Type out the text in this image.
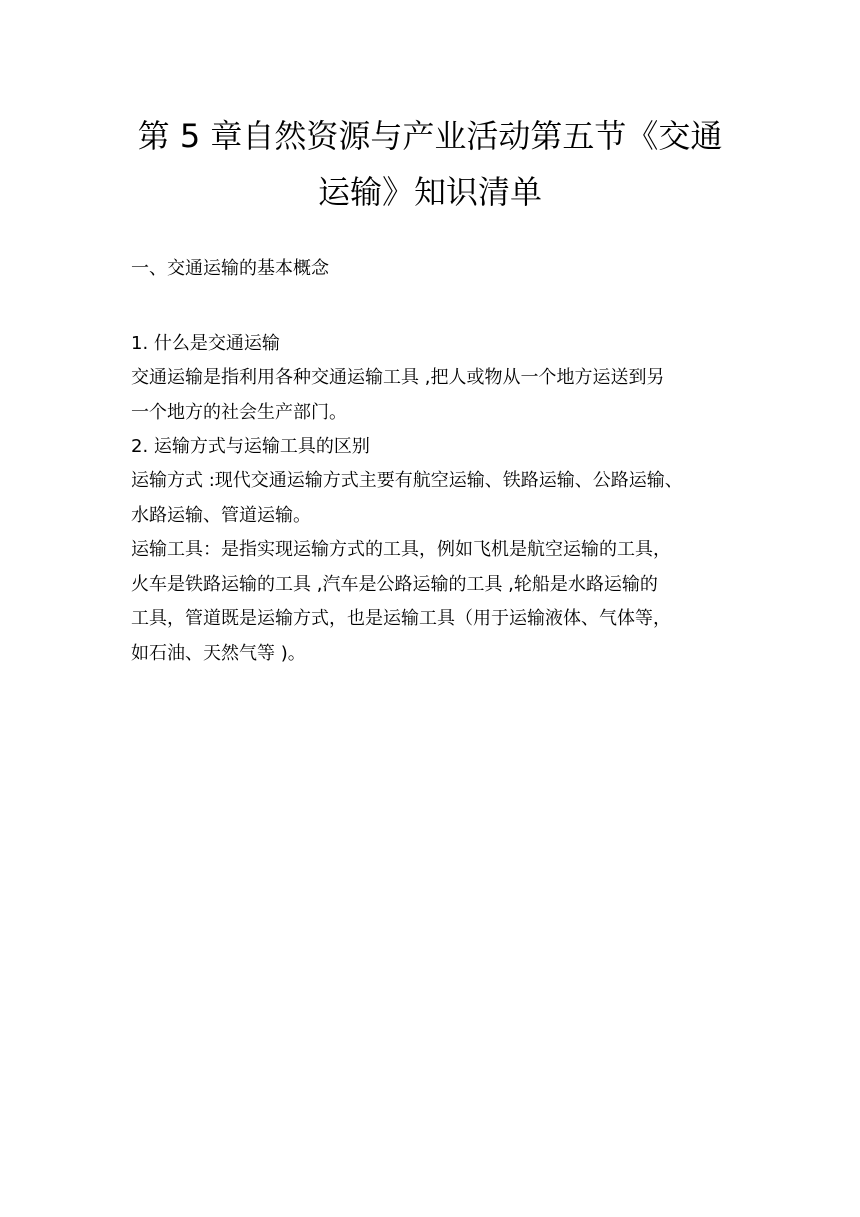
第 5 章自然资源与产业活动第五节《交通
运输》知识清单

一、交通运输的基本概念

1. 什么是交通运输

交通运输是指利用各种交通运输工具 ,把人或物从一个地方运送到另
一个地方的社会生产部门。

2. 运输方式与运输工具的区别

运输方式 :现代交通运输方式主要有航空运输、铁路运输、公路运输、
水路运输、管道运输。

运输工具：是指实现运输方式的工具，例如飞机是航空运输的工具，
火车是铁路运输的工具 ,汽车是公路运输的工具 ,轮船是水路运输的
工具，管道既是运输方式，也是运输工具（用于运输液体、气体等，
如石油、天然气等 )。
